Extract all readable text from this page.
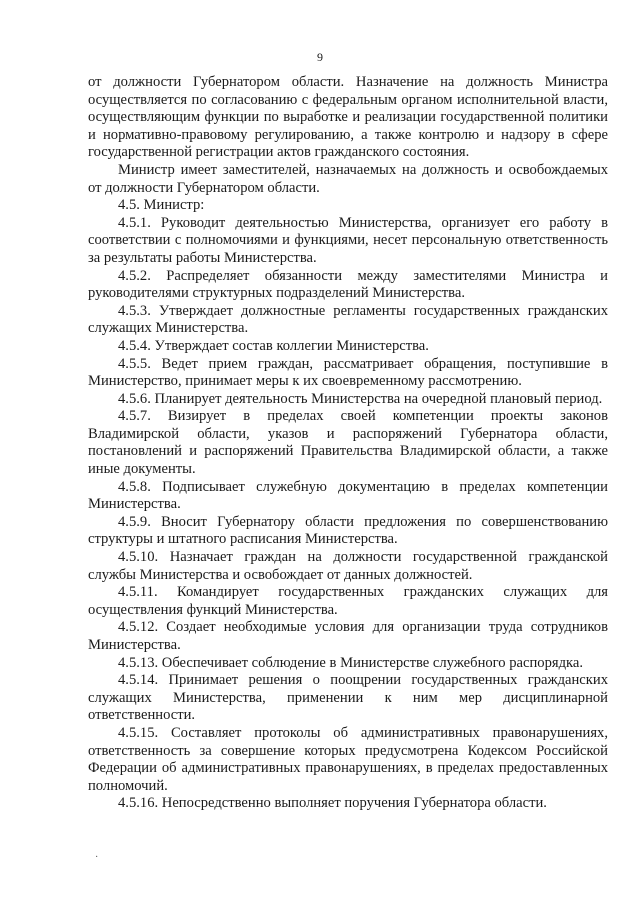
9

от должности Губернатором области. Назначение на должность Министра осуществляется по согласованию с федеральным органом исполнительной власти, осуществляющим функции по выработке и реализации государственной политики и нормативно-правовому регулированию, а также контролю и надзору в сфере государственной регистрации актов гражданского состояния.

Министр имеет заместителей, назначаемых на должность и освобождаемых от должности Губернатором области.

4.5. Министр:

4.5.1. Руководит деятельностью Министерства, организует его работу в соответствии с полномочиями и функциями, несет персональную ответственность за результаты работы Министерства.

4.5.2. Распределяет обязанности между заместителями Министра и руководителями структурных подразделений Министерства.

4.5.3. Утверждает должностные регламенты государственных гражданских служащих Министерства.

4.5.4. Утверждает состав коллегии Министерства.

4.5.5. Ведет прием граждан, рассматривает обращения, поступившие в Министерство, принимает меры к их своевременному рассмотрению.

4.5.6. Планирует деятельность Министерства на очередной плановый период.

4.5.7. Визирует в пределах своей компетенции проекты законов Владимирской области, указов и распоряжений Губернатора области, постановлений и распоряжений Правительства Владимирской области, а также иные документы.

4.5.8. Подписывает служебную документацию в пределах компетенции Министерства.

4.5.9. Вносит Губернатору области предложения по совершенствованию структуры и штатного расписания Министерства.

4.5.10. Назначает граждан на должности государственной гражданской службы Министерства и освобождает от данных должностей.

4.5.11. Командирует государственных гражданских служащих для осуществления функций Министерства.

4.5.12. Создает необходимые условия для организации труда сотрудников Министерства.

4.5.13. Обеспечивает соблюдение в Министерстве служебного распорядка.

4.5.14. Принимает решения о поощрении государственных гражданских служащих Министерства, применении к ним мер дисциплинарной ответственности.

4.5.15. Составляет протоколы об административных правонарушениях, ответственность за совершение которых предусмотрена Кодексом Российской Федерации об административных правонарушениях, в пределах предоставленных полномочий.

4.5.16. Непосредственно выполняет поручения Губернатора области.

·
